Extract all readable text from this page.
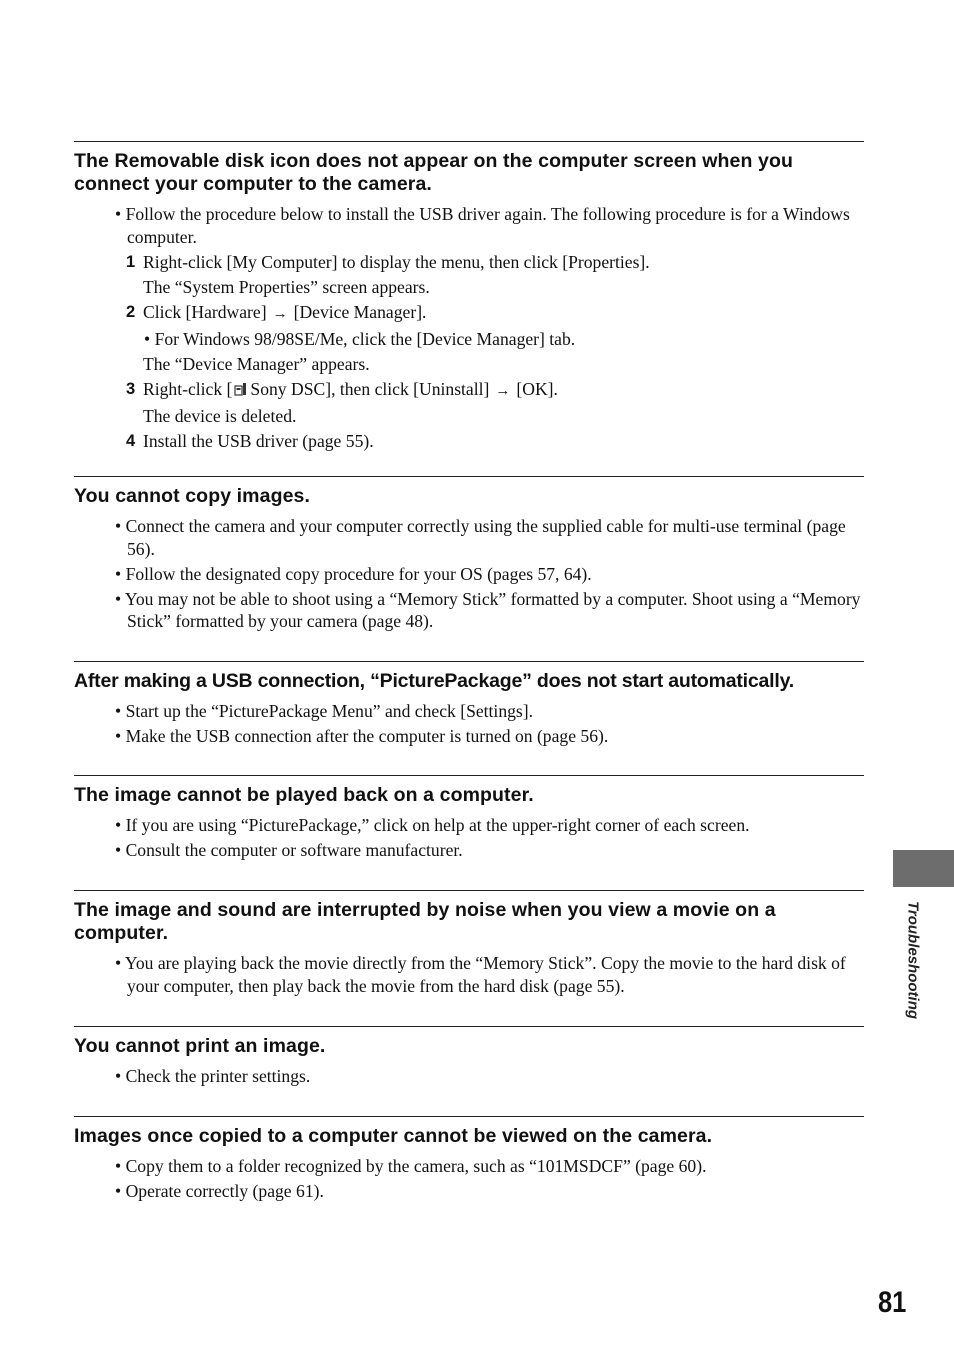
The Removable disk icon does not appear on the computer screen when you connect your computer to the camera.
• Follow the procedure below to install the USB driver again. The following procedure is for a Windows computer.
1 Right-click [My Computer] to display the menu, then click [Properties].
The “System Properties” screen appears.
2 Click [Hardware] → [Device Manager].
• For Windows 98/98SE/Me, click the [Device Manager] tab.
The “Device Manager” appears.
3 Right-click [ Sony DSC], then click [Uninstall] → [OK].
The device is deleted.
4 Install the USB driver (page 55).
You cannot copy images.
• Connect the camera and your computer correctly using the supplied cable for multi-use terminal (page 56).
• Follow the designated copy procedure for your OS (pages 57, 64).
• You may not be able to shoot using a “Memory Stick” formatted by a computer. Shoot using a “Memory Stick” formatted by your camera (page 48).
After making a USB connection, “PicturePackage” does not start automatically.
• Start up the “PicturePackage Menu” and check [Settings].
• Make the USB connection after the computer is turned on (page 56).
The image cannot be played back on a computer.
• If you are using “PicturePackage,” click on help at the upper-right corner of each screen.
• Consult the computer or software manufacturer.
The image and sound are interrupted by noise when you view a movie on a computer.
• You are playing back the movie directly from the “Memory Stick”. Copy the movie to the hard disk of your computer, then play back the movie from the hard disk (page 55).
You cannot print an image.
• Check the printer settings.
Images once copied to a computer cannot be viewed on the camera.
• Copy them to a folder recognized by the camera, such as “101MSDCF” (page 60).
• Operate correctly (page 61).
Troubleshooting
81
